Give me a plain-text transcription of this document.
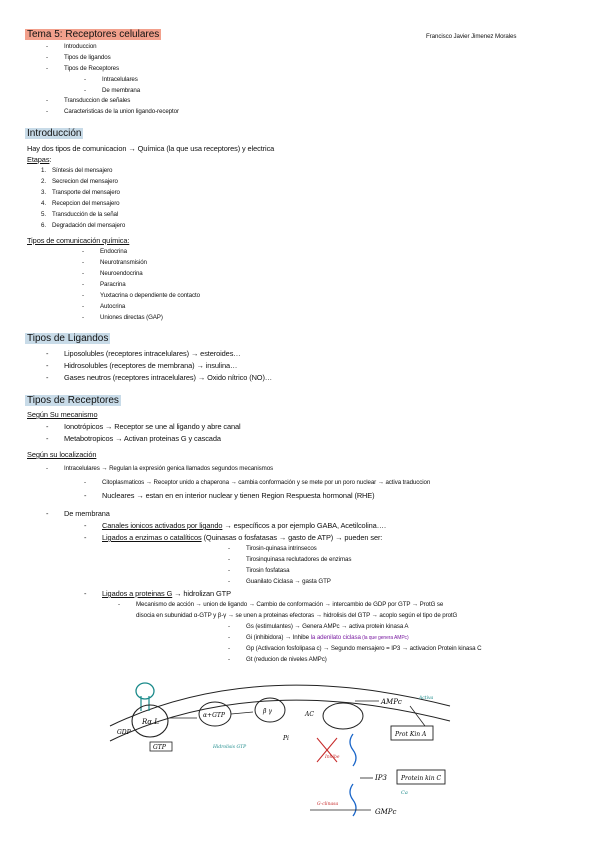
Tema 5: Receptores celulares	Francisco Javier Jimenez Morales
-	Introduccion
-	Tipos de ligandos
-	Tipos de Receptores
-	Intracelulares
-	De membrana
-	Transduccion de señales
-	Caracteristicas de la union ligando-receptor
Introducción
Hay dos tipos de comunicacion → Química (la que usa receptores) y electrica
Etapas:
1. Síntesis del mensajero
2. Secrecion del mensajero
3. Transporte del mensajero
4. Recepcion del mensajero
5. Transducción de la señal
6. Degradación del mensajero
Tipos de comunicación química:
-	Endocrina
-	Neurotransmisión
-	Neuroendocrina
-	Paracrina
-	Yuxtacrina o dependiente de contacto
-	Autocrina
-	Uniones directas (GAP)
Tipos de Ligandos
- Liposolubles (receptores intracelulares) → esteroides…
- Hidrosolubles (receptores de membrana) → insulina…
- Gases neutros (receptores intracelulares) → Oxido nítrico (NO)…
Tipos de Receptores
Según Su mecanismo
- Ionotrópicos → Receptor se une al ligando y abre canal
- Metabotropicos → Activan proteinas G y cascada
Según su localización
-	Intracelulares → Regulan la expresión genica llamados segundos mecanismos
-	Citoplasmaticos → Receptor unido a chaperona → cambia conformación y se mete por un poro nuclear → activa traduccion
- Nucleares → estan en en interior nuclear y tienen Region Respuesta hormonal (RHE)
- De membrana
- Canales ionicos activados por ligando → específicos a por ejemplo GABA, Acetilcolina….
- Ligados a enzimas o catalíticos (Quinasas o fosfatasas → gasto de ATP) → pueden ser:
-	Tirosin-quinasa intrinsecos
-	Tirosinquinasa reclutadores de enzimas
-	Tirosin fosfatasa
-	Guanilato Ciclasa → gasta GTP
- Ligados a proteinas G → hidrolizan GTP
-	Mecanismo de acción → union de ligando → Cambio de conformación → intercambio de GDP por GTP → ProtG se
disocia en subunidad α-GTP y β-γ → se unen a proteinas efectoras → hidrolisis del GTP → acoplo según el tipo de protG
-	Gs (estimulantes) → Genera AMPc → activa protein kinasa A
-	Gi (inhibidora) → Inhibe la adenilato ciclasa (la que genera AMPc)
-	Gp (Activacion fosfolipasa c) → Segundo mensajero = IP3 → activacion Protein kinasa C
-	Gt (reducion de niveles AMPc)
Rα L
α+GTP
β γ
GDP
GTP
AC
Pi
Hidrolisis GTP
Inhibe
AMPc	Activa
Prot Kin A
IP3 Protein kin C
Ca
GMPc
G-clinasa
